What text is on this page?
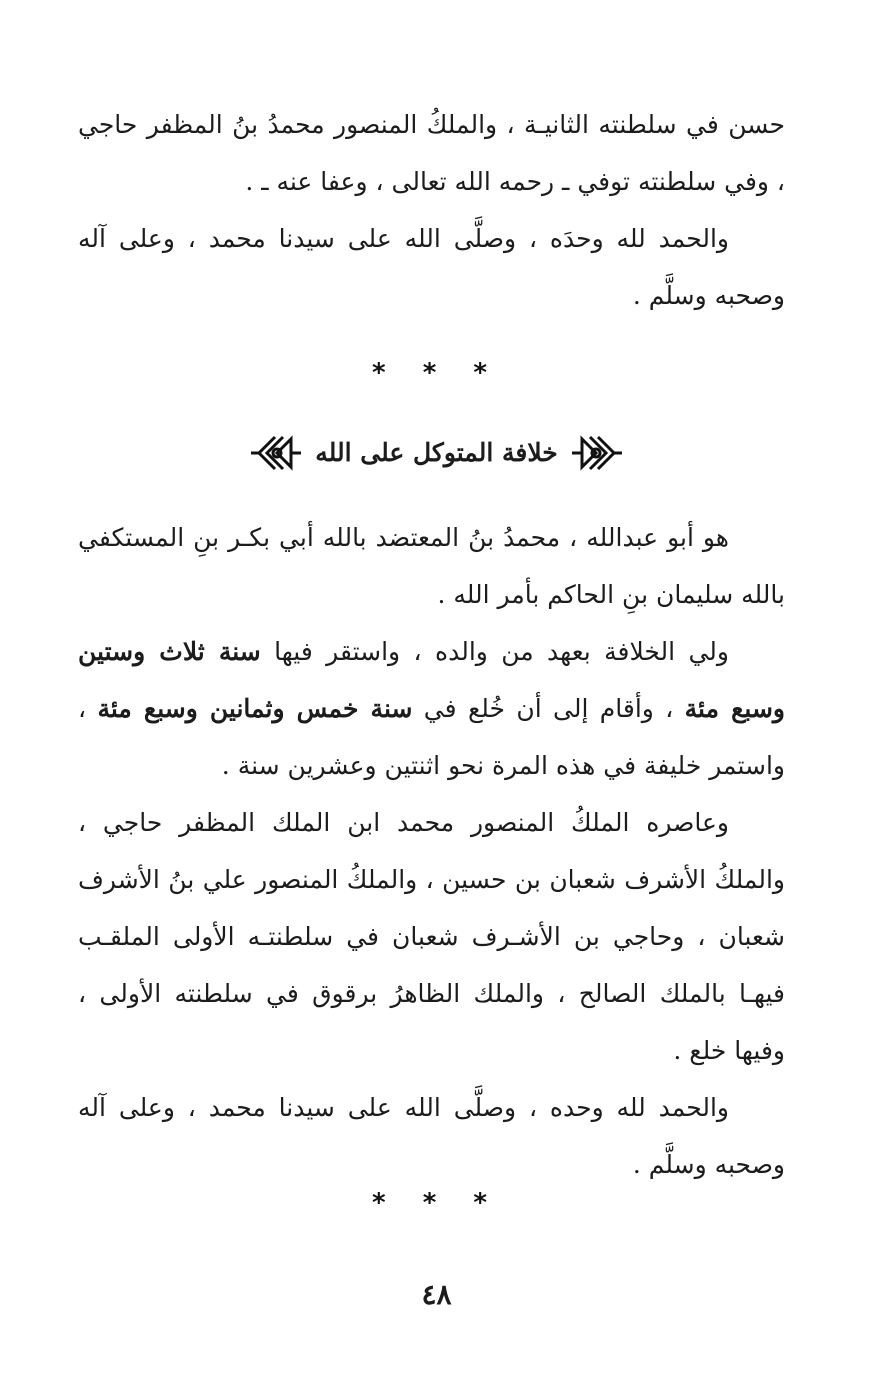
حسن في سلطنته الثانيـة ، والملكُ المنصور محمدُ بنُ المظفر حاجي ، وفي سلطنته توفي ـ رحمه الله تعالى ، وعفا عنه ـ .

والحمد لله وحدَه ، وصلَّى الله على سيدنا محمد ، وعلى آله وصحبه وسلَّم .

* * *
خلافة المتوكل على الله

هو أبو عبدالله ، محمدُ بنُ المعتضد بالله أبي بكـر بنِ المستكفي بالله سليمان بنِ الحاكم بأمر الله .

ولي الخلافة بعهد من والده ، واستقر فيها سنة ثلاث وستين وسبع مئة ، وأقام إلى أن خُلع في سنة خمس وثمانين وسبع مئة ، واستمر خليفة في هذه المرة نحو اثنتين وعشرين سنة .

وعاصره الملكُ المنصور محمد ابن الملك المظفر حاجي ، والملكُ الأشرف شعبان بن حسين ، والملكُ المنصور علي بنُ الأشرف شعبان ، وحاجي بن الأشـرف شعبان في سلطنتـه الأولى الملقـب فيهـا بالملك الصالح ، والملك الظاهرُ برقوق في سلطنته الأولى ، وفيها خلع .

والحمد لله وحده ، وصلَّى الله على سيدنا محمد ، وعلى آله وصحبه وسلَّم .

* * *
٤٨
